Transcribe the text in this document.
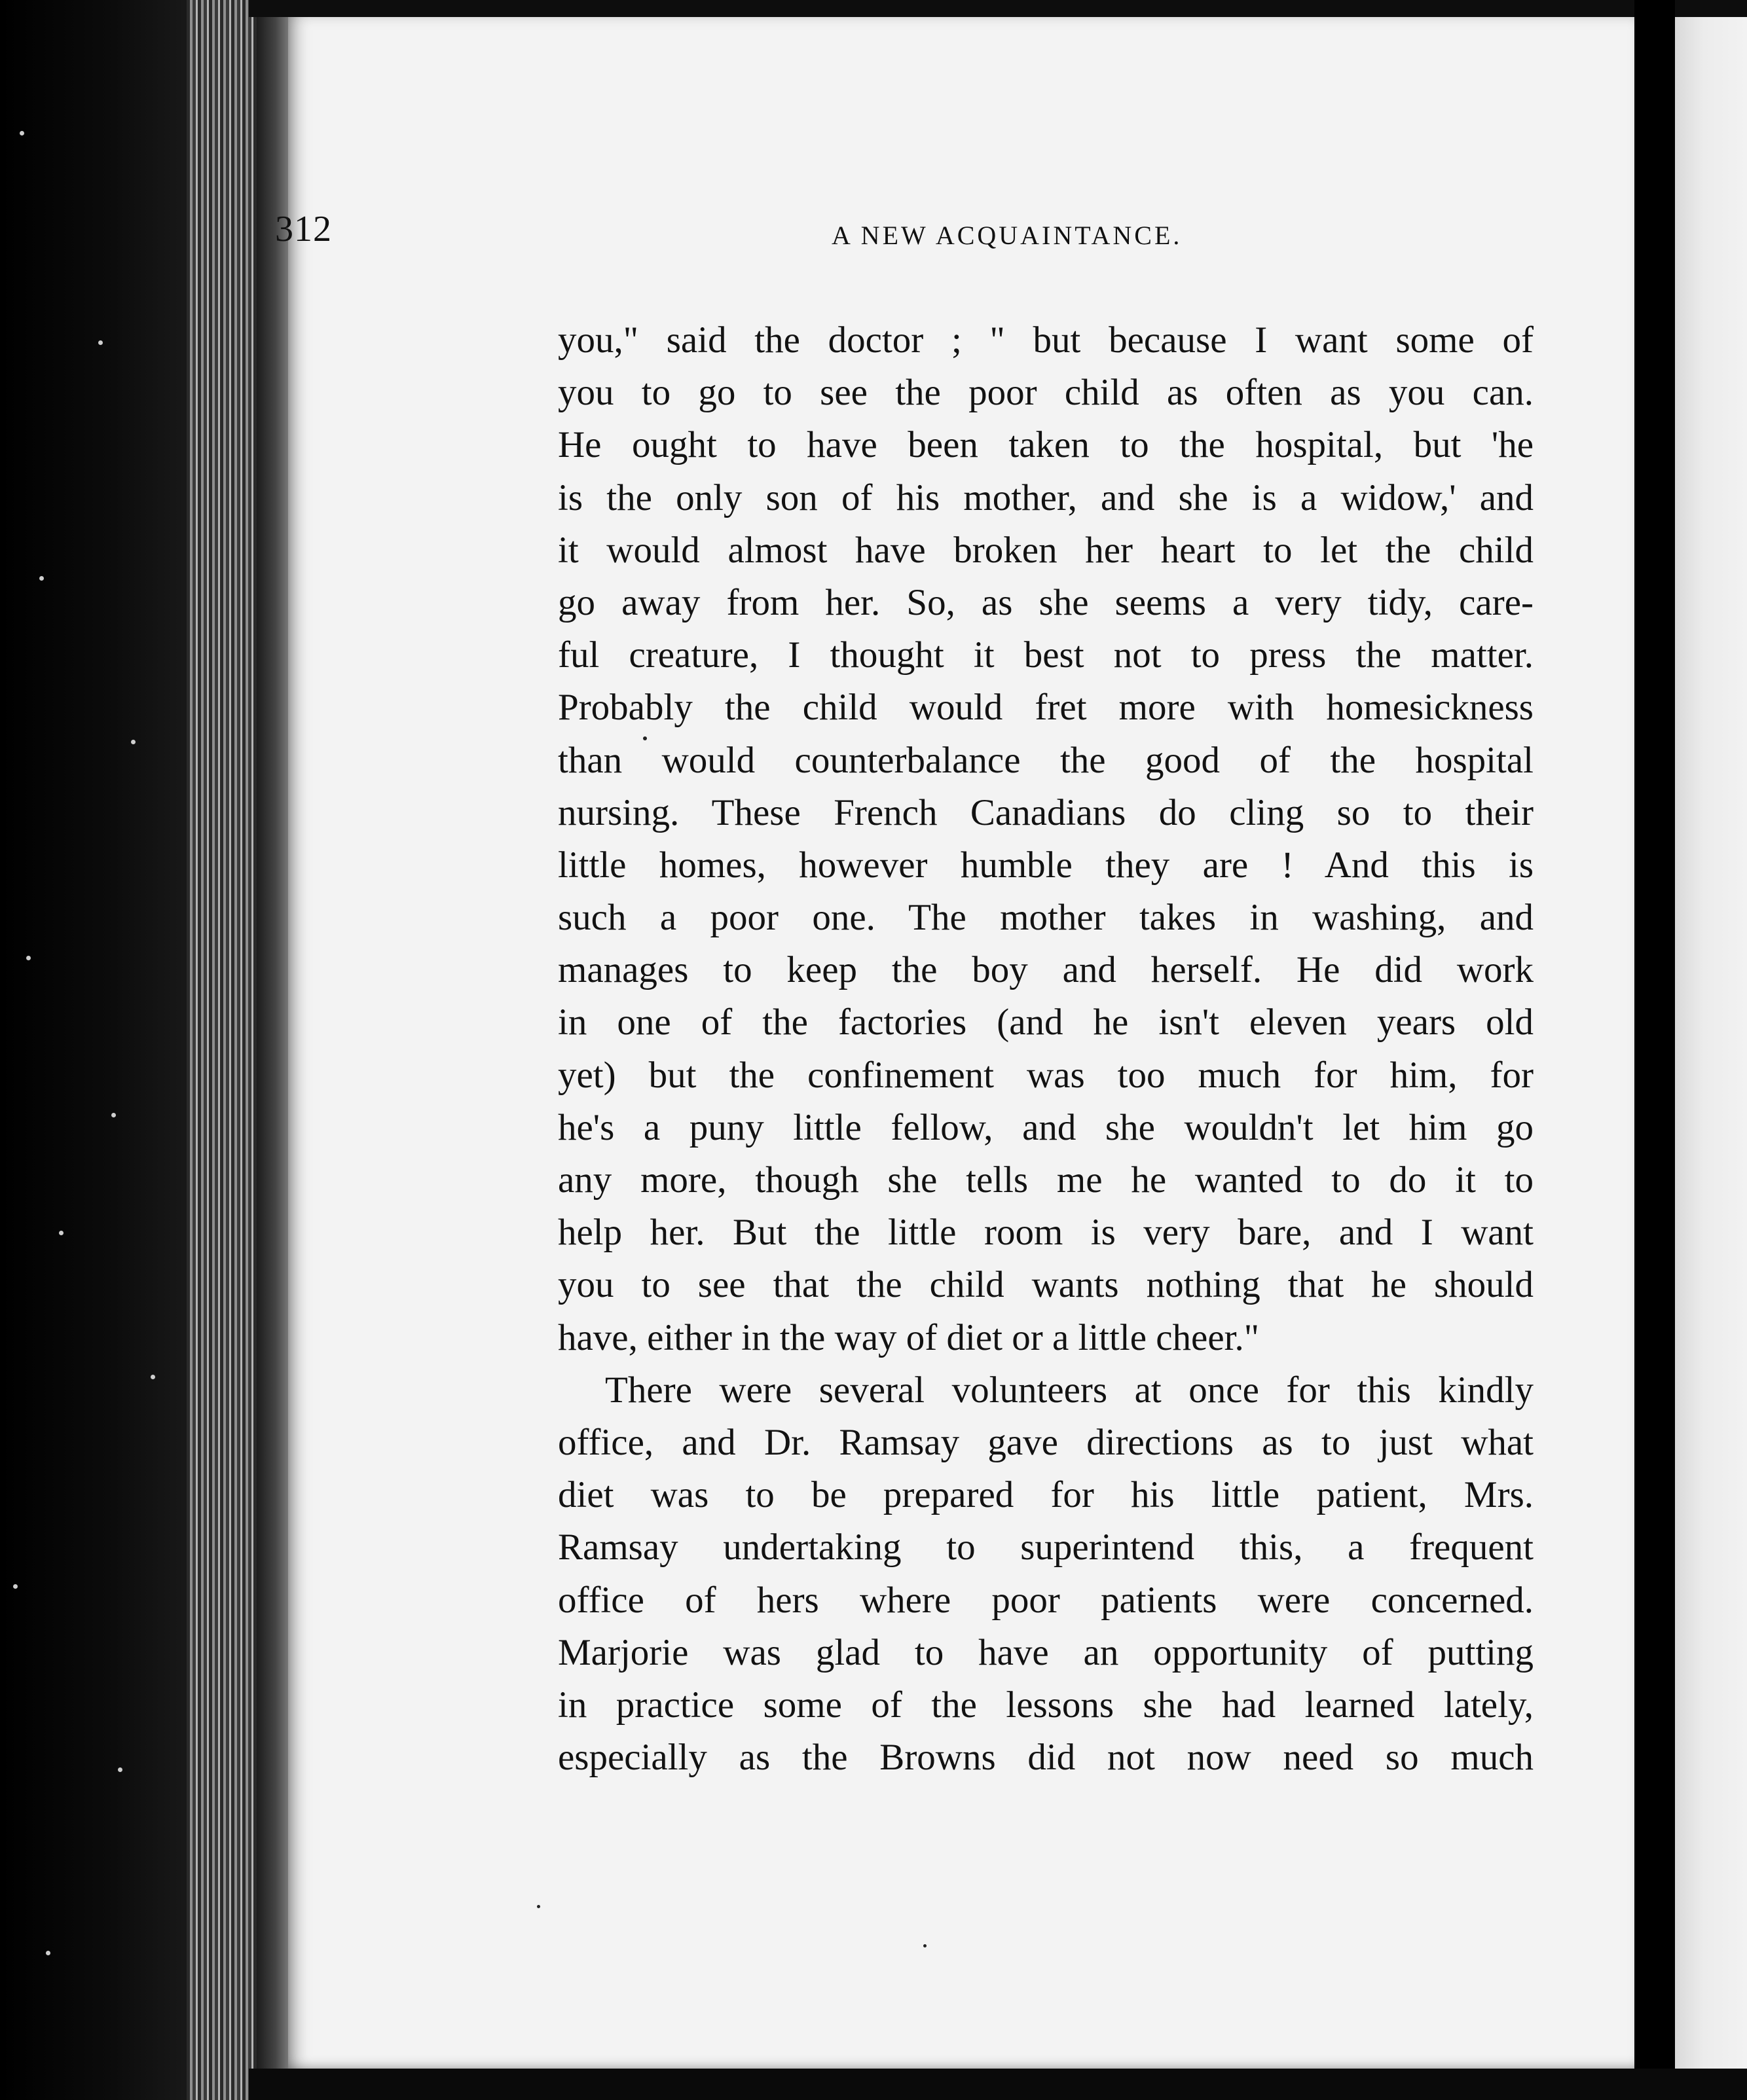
312	A NEW ACQUAINTANCE.
you," said the doctor ; " but because I want some of
you to go to see the poor child as often as you can.
He ought to have been taken to the hospital, but 'he
is the only son of his mother, and she is a widow,' and
it would almost have broken her heart to let the child
go away from her. So, as she seems a very tidy, care-
ful creature, I thought it best not to press the matter.
Probably the child would fret more with homesickness
than would counterbalance the good of the hospital
nursing. These French Canadians do cling so to their
little homes, however humble they are ! And this is
such a poor one. The mother takes in washing, and
manages to keep the boy and herself. He did work
in one of the factories (and he isn't eleven years old
yet) but the confinement was too much for him, for
he's a puny little fellow, and she wouldn't let him go
any more, though she tells me he wanted to do it to
help her. But the little room is very bare, and I want
you to see that the child wants nothing that he should
have, either in the way of diet or a little cheer."
There were several volunteers at once for this kindly
office, and Dr. Ramsay gave directions as to just what
diet was to be prepared for his little patient, Mrs.
Ramsay undertaking to superintend this, a frequent
office of hers where poor patients were concerned.
Marjorie was glad to have an opportunity of putting
in practice some of the lessons she had learned lately,
especially as the Browns did not now need so much
